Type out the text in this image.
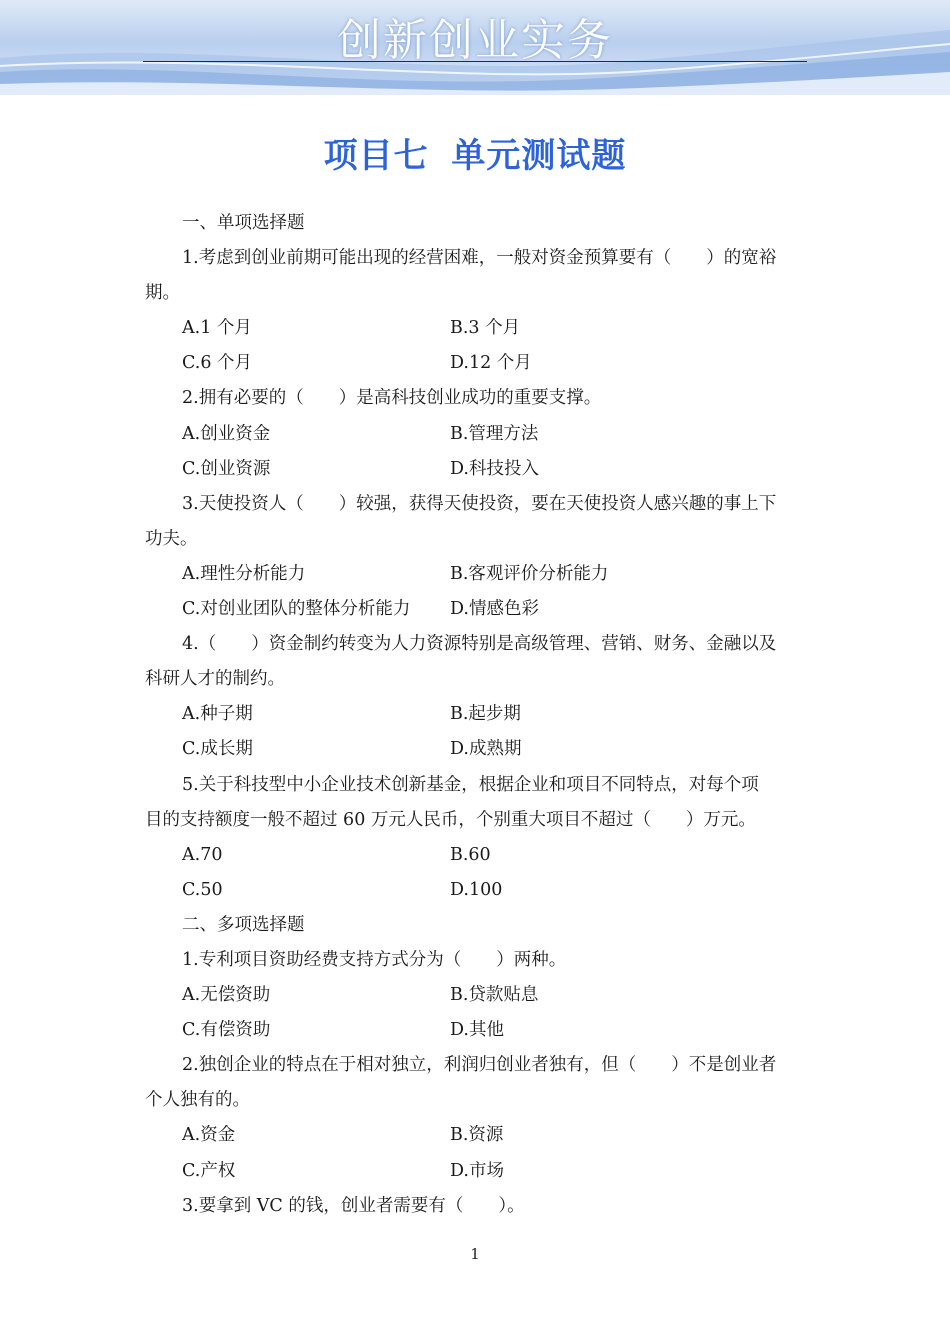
创新创业实务
项目七 单元测试题
一、单项选择题
1.考虑到创业前期可能出现的经营困难，一般对资金预算要有（　　）的宽裕
期。
A.1 个月	B.3 个月
C.6 个月	D.12 个月
2.拥有必要的（　　）是高科技创业成功的重要支撑。
A.创业资金	B.管理方法
C.创业资源	D.科技投入
3.天使投资人（　　）较强，获得天使投资，要在天使投资人感兴趣的事上下
功夫。
A.理性分析能力	B.客观评价分析能力
C.对创业团队的整体分析能力	D.情感色彩
4.（　　）资金制约转变为人力资源特别是高级管理、营销、财务、金融以及
科研人才的制约。
A.种子期	B.起步期
C.成长期	D.成熟期
5.关于科技型中小企业技术创新基金，根据企业和项目不同特点，对每个项
目的支持额度一般不超过 60 万元人民币，个别重大项目不超过（　　）万元。
A.70	B.60
C.50	D.100
二、多项选择题
1.专利项目资助经费支持方式分为（　　）两种。
A.无偿资助	B.贷款贴息
C.有偿资助	D.其他
2.独创企业的特点在于相对独立，利润归创业者独有，但（　　）不是创业者
个人独有的。
A.资金	B.资源
C.产权	D.市场
3.要拿到 VC 的钱，创业者需要有（　　）。
1
